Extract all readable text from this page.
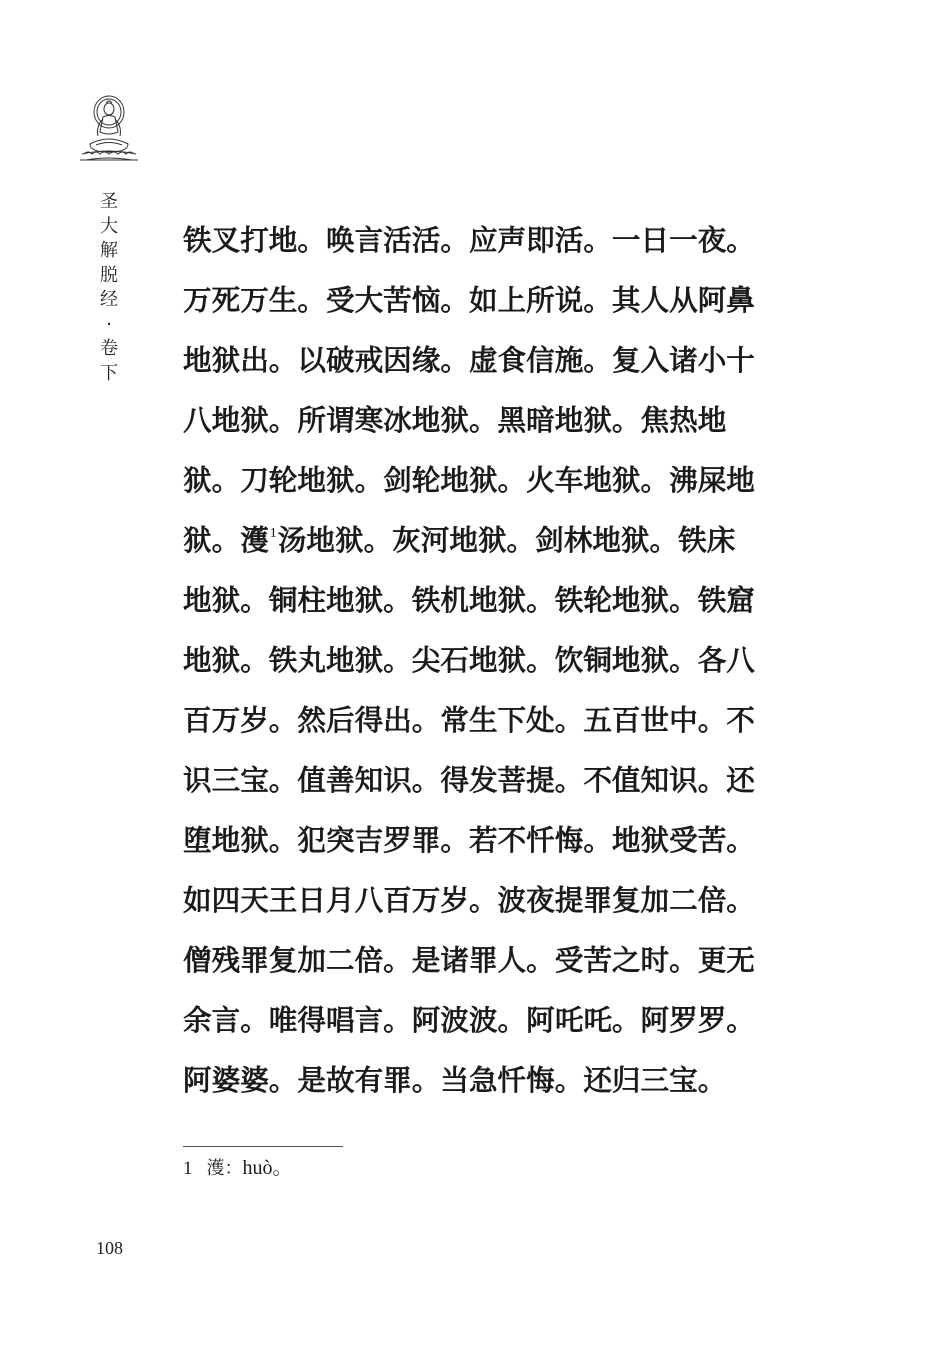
圣
大
解
脱
经
·
卷
下
铁叉打地。唤言活活。应声即活。一日一夜。
万死万生。受大苦恼。如上所说。其人从阿鼻
地狱出。以破戒因缘。虚食信施。复入诸小十
八地狱。所谓寒冰地狱。黑暗地狱。焦热地
狱。刀轮地狱。剑轮地狱。火车地狱。沸屎地
狱。濩$^1$汤地狱。灰河地狱。剑林地狱。铁床
地狱。铜柱地狱。铁机地狱。铁轮地狱。铁窟
地狱。铁丸地狱。尖石地狱。饮铜地狱。各八
百万岁。然后得出。常生下处。五百世中。不
识三宝。值善知识。得发菩提。不值知识。还
堕地狱。犯突吉罗罪。若不忏悔。地狱受苦。
如四天王日月八百万岁。波夜提罪复加二倍。
僧残罪复加二倍。是诸罪人。受苦之时。更无
余言。唯得唱言。阿波波。阿吒吒。阿罗罗。
阿婆婆。是故有罪。当急忏悔。还归三宝。
1 濩：huò。
108
